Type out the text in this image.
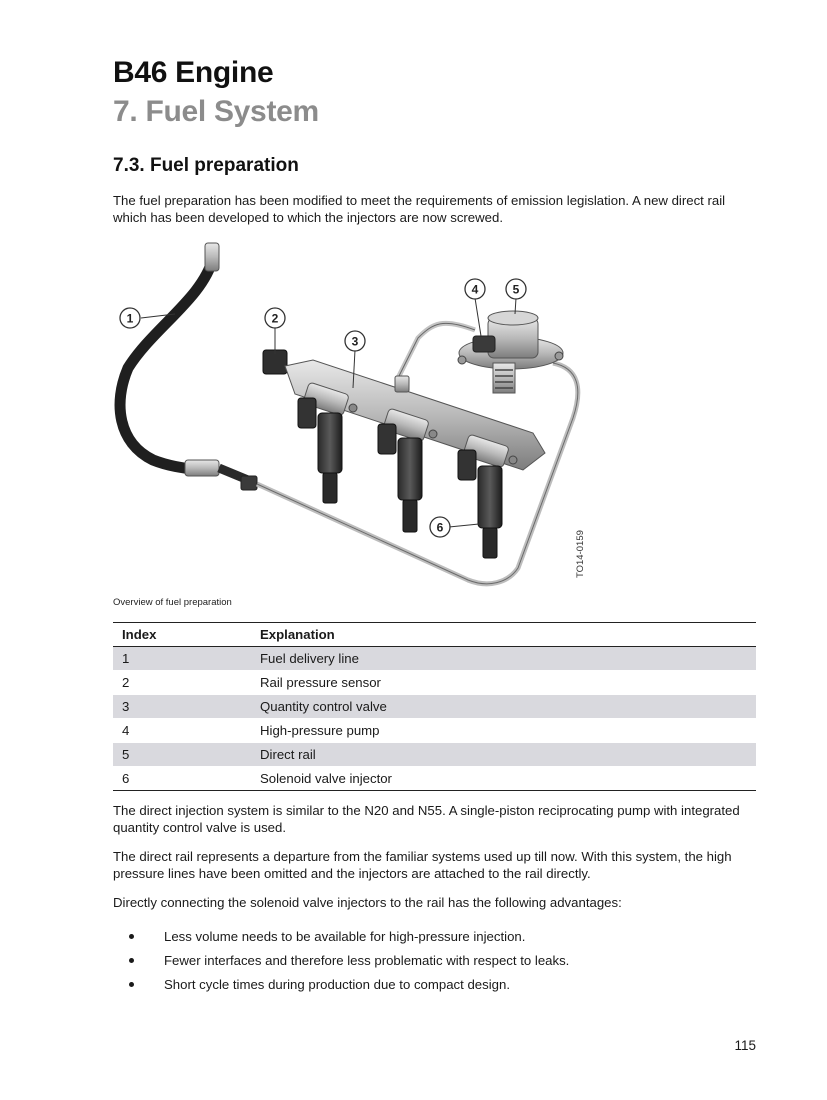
B46 Engine
7. Fuel System
7.3. Fuel preparation

The fuel preparation has been modified to meet the requirements of emission legislation. A new direct rail which has been developed to which the injectors are now screwed.

1	2
3
4	5
6
TO14-0159

Overview of fuel preparation

Index	Explanation
1	Fuel delivery line
2	Rail pressure sensor
3	Quantity control valve
4	High-pressure pump
5	Direct rail
6	Solenoid valve injector

The direct injection system is similar to the N20 and N55. A single-piston reciprocating pump with integrated quantity control valve is used.

The direct rail represents a departure from the familiar systems used up till now. With this system, the high pressure lines have been omitted and the injectors are attached to the rail directly.

Directly connecting the solenoid valve injectors to the rail has the following advantages:

Less volume needs to be available for high-pressure injection.
Fewer interfaces and therefore less problematic with respect to leaks.
Short cycle times during production due to compact design.

115
